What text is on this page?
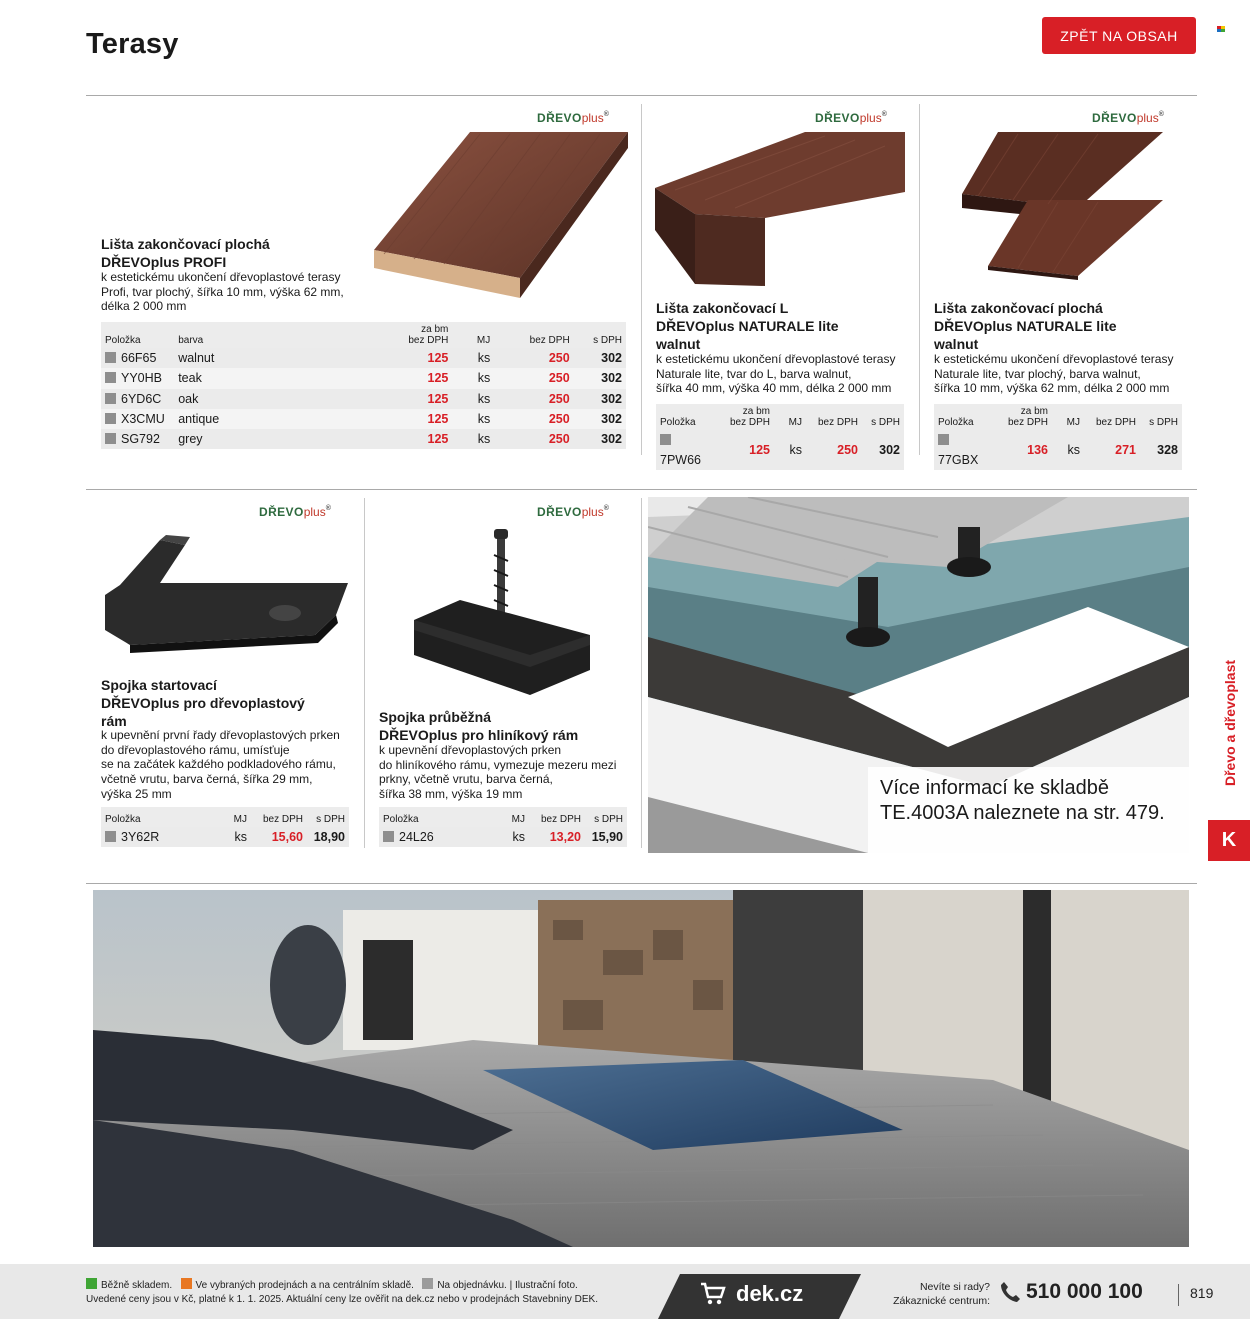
Terasy	ZPĚT NA OBSAH
DŘEVOplus®	DŘEVOplus®	DŘEVOplus®
DŘEVOplus®	DŘEVOplus®
Lišta zakončovací plochá
DŘEVOplus PROFI
k estetickému ukončení dřevoplastové terasy
Profi, tvar plochý, šířka 10 mm, výška 62 mm,
délka 2 000 mm
Položka	barva	za bm
bez DPH	MJ	bez DPH	s DPH
66F65	walnut	125	ks	250	302
YY0HB	teak	125	ks	250	302
6YD6C	oak	125	ks	250	302
X3CMU	antique	125	ks	250	302
SG792	grey	125	ks	250	302
Lišta zakončovací L
DŘEVOplus NATURALE lite
walnut
k estetickému ukončení dřevoplastové terasy
Naturale lite, tvar do L, barva walnut,
šířka 40 mm, výška 40 mm, délka 2 000 mm
Položka	za bm
bez DPH	MJ	bez DPH	s DPH
7PW66	125	ks	250	302
Lišta zakončovací plochá
DŘEVOplus NATURALE lite
walnut
k estetickému ukončení dřevoplastové terasy
Naturale lite, tvar plochý, barva walnut,
šířka 10 mm, výška 62 mm, délka 2 000 mm
Položka	za bm
bez DPH	MJ	bez DPH	s DPH
77GBX	136	ks	271	328
Spojka startovací
DŘEVOplus pro dřevoplastový
rám
k upevnění první řady dřevoplastových prken
do dřevoplastového rámu, umísťuje
se na začátek každého podkladového rámu,
včetně vrutu, barva černá, šířka 29 mm,
výška 25 mm
Položka	MJ	bez DPH	s DPH
3Y62R	ks	15,60	18,90
Spojka průběžná
DŘEVOplus pro hliníkový rám
k upevnění dřevoplastových prken
do hliníkového rámu, vymezuje mezeru mezi
prkny, včetně vrutu, barva černá,
šířka 38 mm, výška 19 mm
Položka	MJ	bez DPH	s DPH
24L26	ks	13,20	15,90
Více informací ke skladbě
TE.4003A naleznete na str. 479.
Dřevo a dřevoplast
K
Běžně skladem. Ve vybraných prodejnách a na centrálním skladě. Na objednávku. | Ilustrační foto.
Uvedené ceny jsou v Kč, platné k 1. 1. 2025. Aktuální ceny lze ověřit na dek.cz nebo v prodejnách Stavebniny DEK.	dek.cz	Nevíte si rady?
Zákaznické centrum: 510 000 100	819
